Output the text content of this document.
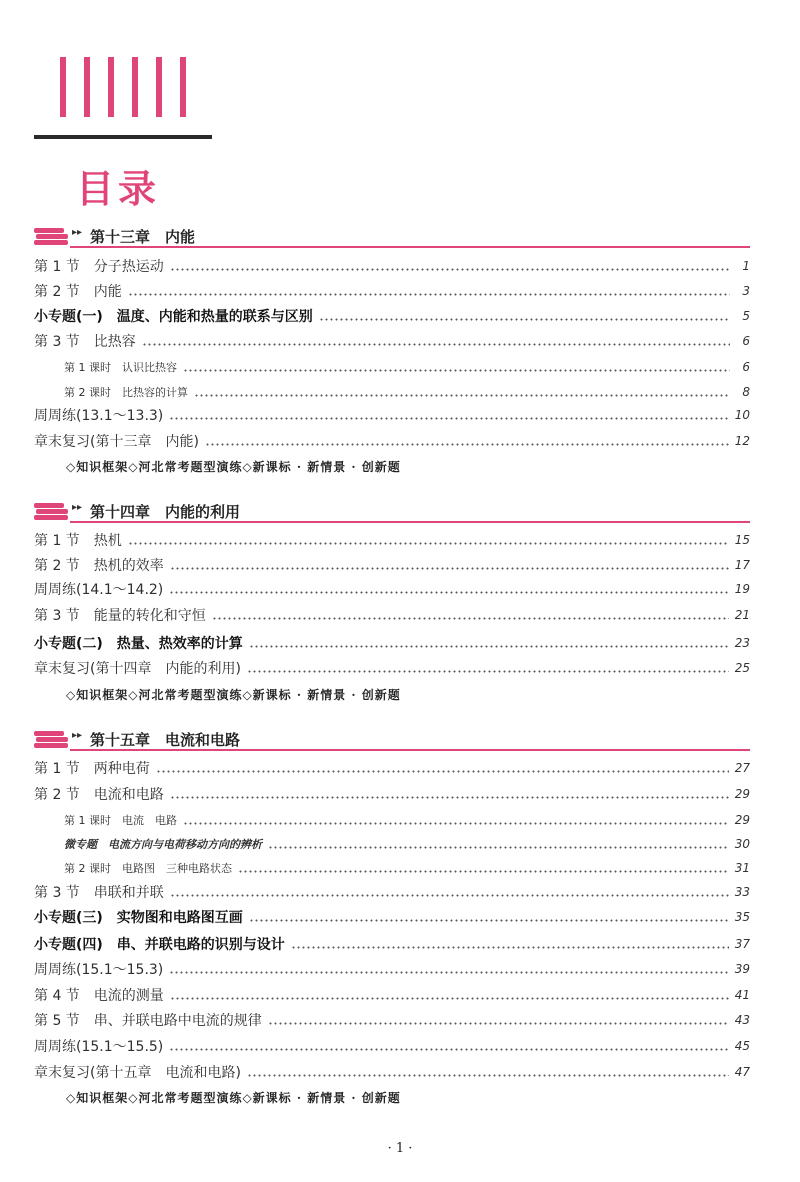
目录
▸▸ 第十三章　内能
第 1 节　分子热运动	1
第 2 节　内能	3
小专题(一)　温度、内能和热量的联系与区别	5
第 3 节　比热容	6
第 1 课时　认识比热容	6
第 2 课时　比热容的计算	8
周周练(13.1～13.3)	10
章末复习(第十三章　内能)	12
◇知识框架◇河北常考题型演练◇新课标 · 新情景 · 创新题
▸▸ 第十四章　内能的利用
第 1 节　热机	15
第 2 节　热机的效率	17
周周练(14.1～14.2)	19
第 3 节　能量的转化和守恒	21
小专题(二)　热量、热效率的计算	23
章末复习(第十四章　内能的利用)	25
◇知识框架◇河北常考题型演练◇新课标 · 新情景 · 创新题
▸▸ 第十五章　电流和电路
第 1 节　两种电荷	27
第 2 节　电流和电路	29
第 1 课时　电流　电路	29
微专题　电流方向与电荷移动方向的辨析	30
第 2 课时　电路图　三种电路状态	31
第 3 节　串联和并联	33
小专题(三)　实物图和电路图互画	35
小专题(四)　串、并联电路的识别与设计	37
周周练(15.1～15.3)	39
第 4 节　电流的测量	41
第 5 节　串、并联电路中电流的规律	43
周周练(15.1～15.5)	45
章末复习(第十五章　电流和电路)	47
◇知识框架◇河北常考题型演练◇新课标 · 新情景 · 创新题
· 1 ·
